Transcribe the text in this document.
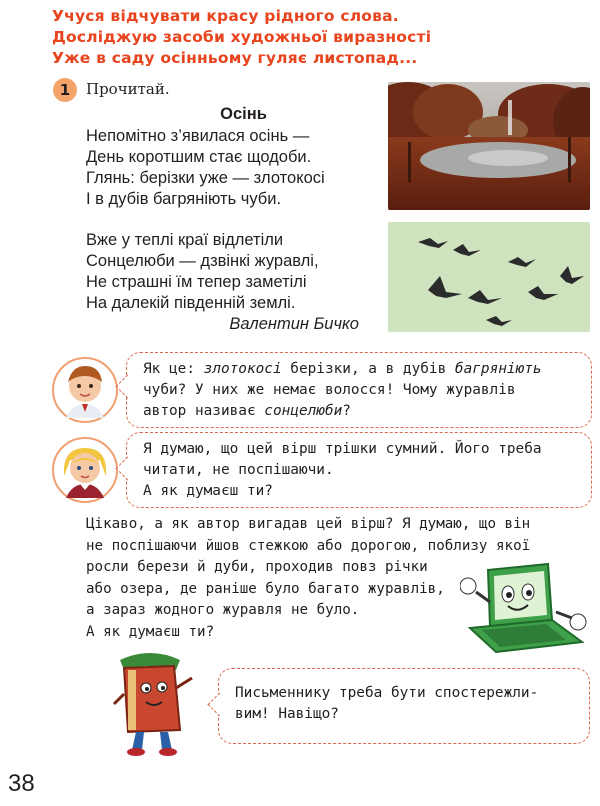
Учуся відчувати красу рідного слова.
Досліджую засоби художньої виразності
Уже в саду осінньому гуляє листопад...
1	Прочитай.
Осінь
Непомітно з’явилася осінь —
День коротшим стає щодоби.
Глянь: берізки уже — злотокосі
І в дубів багряніють чуби.
Вже у теплі краї відлетіли
Сонцелюби — дзвінкі журавлі,
Не страшні їм тепер заметілі
На далекій південній землі.
Валентин Бичко
Як це: злотокосі берізки, а в дубів багряніють
чуби? У них же немає волосся! Чому журавлів
автор називає сонцелюби?
Я думаю, що цей вірш трішки сумний. Його треба
читати, не поспішаючи.
А як думаєш ти?
Цікаво, а як автор вигадав цей вірш? Я думаю, що він
не поспішаючи йшов стежкою або дорогою, поблизу якої
росли берези й дуби, проходив повз річки
або озера, де раніше було багато журавлів,
а зараз жодного журавля не було.
А як думаєш ти?
Письменнику треба бути спостережли-
вим! Навіщо?
38
